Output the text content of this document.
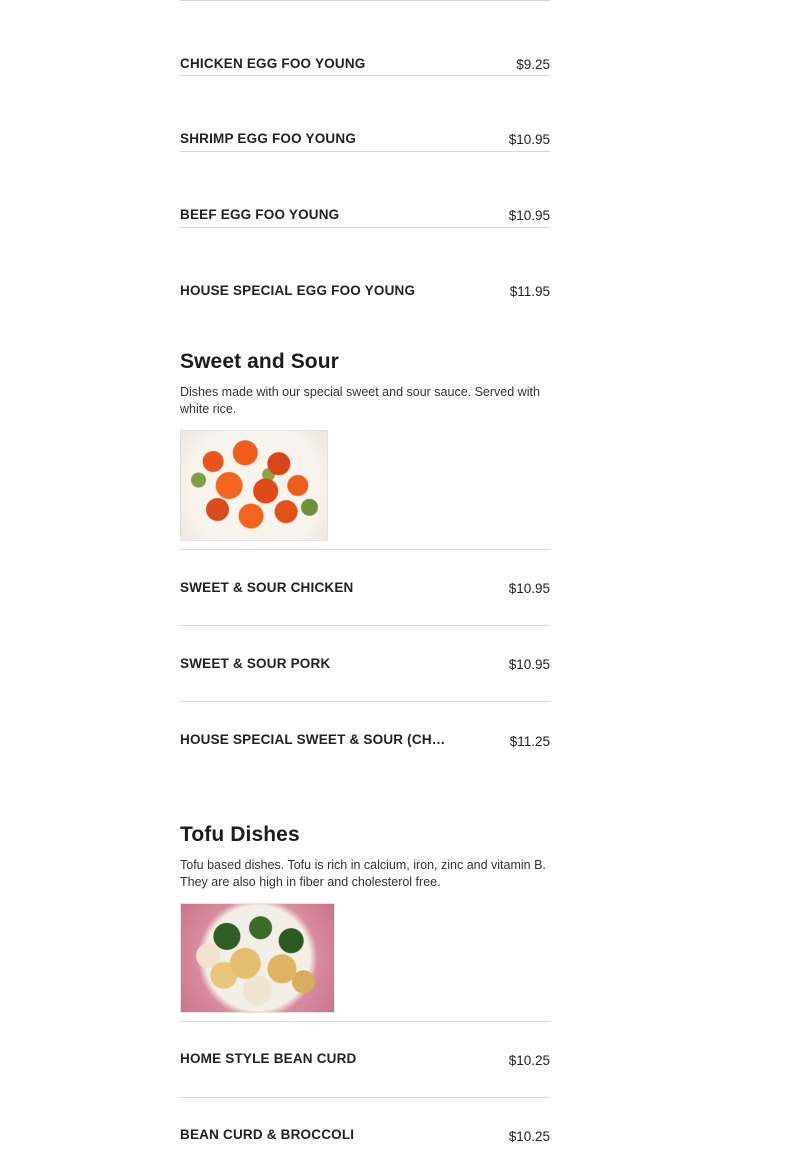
CHICKEN EGG FOO YOUNG	$9.25
SHRIMP EGG FOO YOUNG	$10.95
BEEF EGG FOO YOUNG	$10.95
HOUSE SPECIAL EGG FOO YOUNG	$11.95
Sweet and Sour
Dishes made with our special sweet and sour sauce. Served with white rice.
SWEET & SOUR CHICKEN	$10.95
SWEET & SOUR PORK	$10.95
HOUSE SPECIAL SWEET & SOUR (CH…	$11.25
Tofu Dishes
Tofu based dishes. Tofu is rich in calcium, iron, zinc and vitamin B. They are also high in fiber and cholesterol free.
HOME STYLE BEAN CURD	$10.25
BEAN CURD & BROCCOLI	$10.25
